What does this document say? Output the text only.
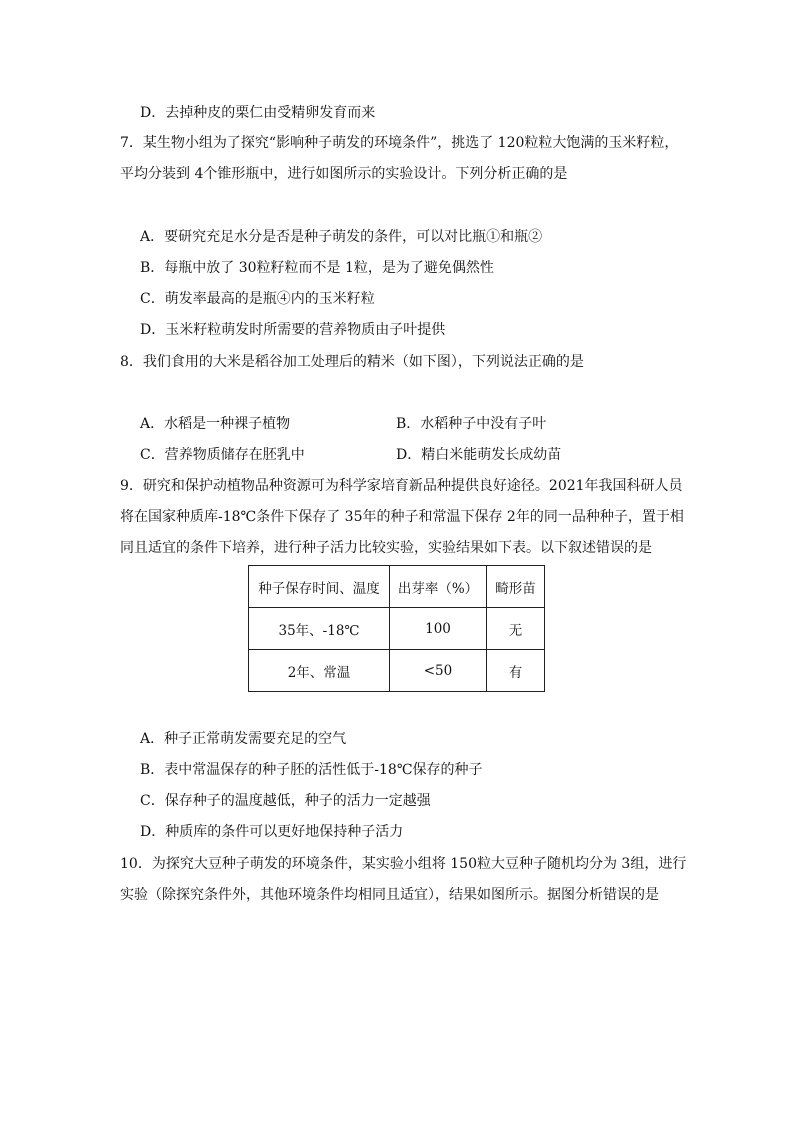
D．去掉种皮的栗仁由受精卵发育而来
7．某生物小组为了探究“影响种子萌发的环境条件”，挑选了 120粒粒大饱满的玉米籽粒，
平均分装到 4个锥形瓶中，进行如图所示的实验设计。下列分析正确的是
A．要研究充足水分是否是种子萌发的条件，可以对比瓶①和瓶②
B．每瓶中放了 30粒籽粒而不是 1粒，是为了避免偶然性
C．萌发率最高的是瓶④内的玉米籽粒
D．玉米籽粒萌发时所需要的营养物质由子叶提供
8．我们食用的大米是稻谷加工处理后的精米（如下图），下列说法正确的是
A．水稻是一种裸子植物	B．水稻种子中没有子叶
C．营养物质储存在胚乳中	D．精白米能萌发长成幼苗
9．研究和保护动植物品种资源可为科学家培育新品种提供良好途径。2021年我国科研人员
将在国家种质库-18℃条件下保存了 35年的种子和常温下保存 2年的同一品种种子，置于相
同且适宜的条件下培养，进行种子活力比较实验，实验结果如下表。以下叙述错误的是
种子保存时间、温度	出芽率（%）	畸形苗
35年、-18℃	100	无
2年、常温	<50	有
A．种子正常萌发需要充足的空气
B．表中常温保存的种子胚的活性低于-18℃保存的种子
C．保存种子的温度越低，种子的活力一定越强
D．种质库的条件可以更好地保持种子活力
10．为探究大豆种子萌发的环境条件，某实验小组将 150粒大豆种子随机均分为 3组，进行
实验（除探究条件外，其他环境条件均相同且适宜），结果如图所示。据图分析错误的是
